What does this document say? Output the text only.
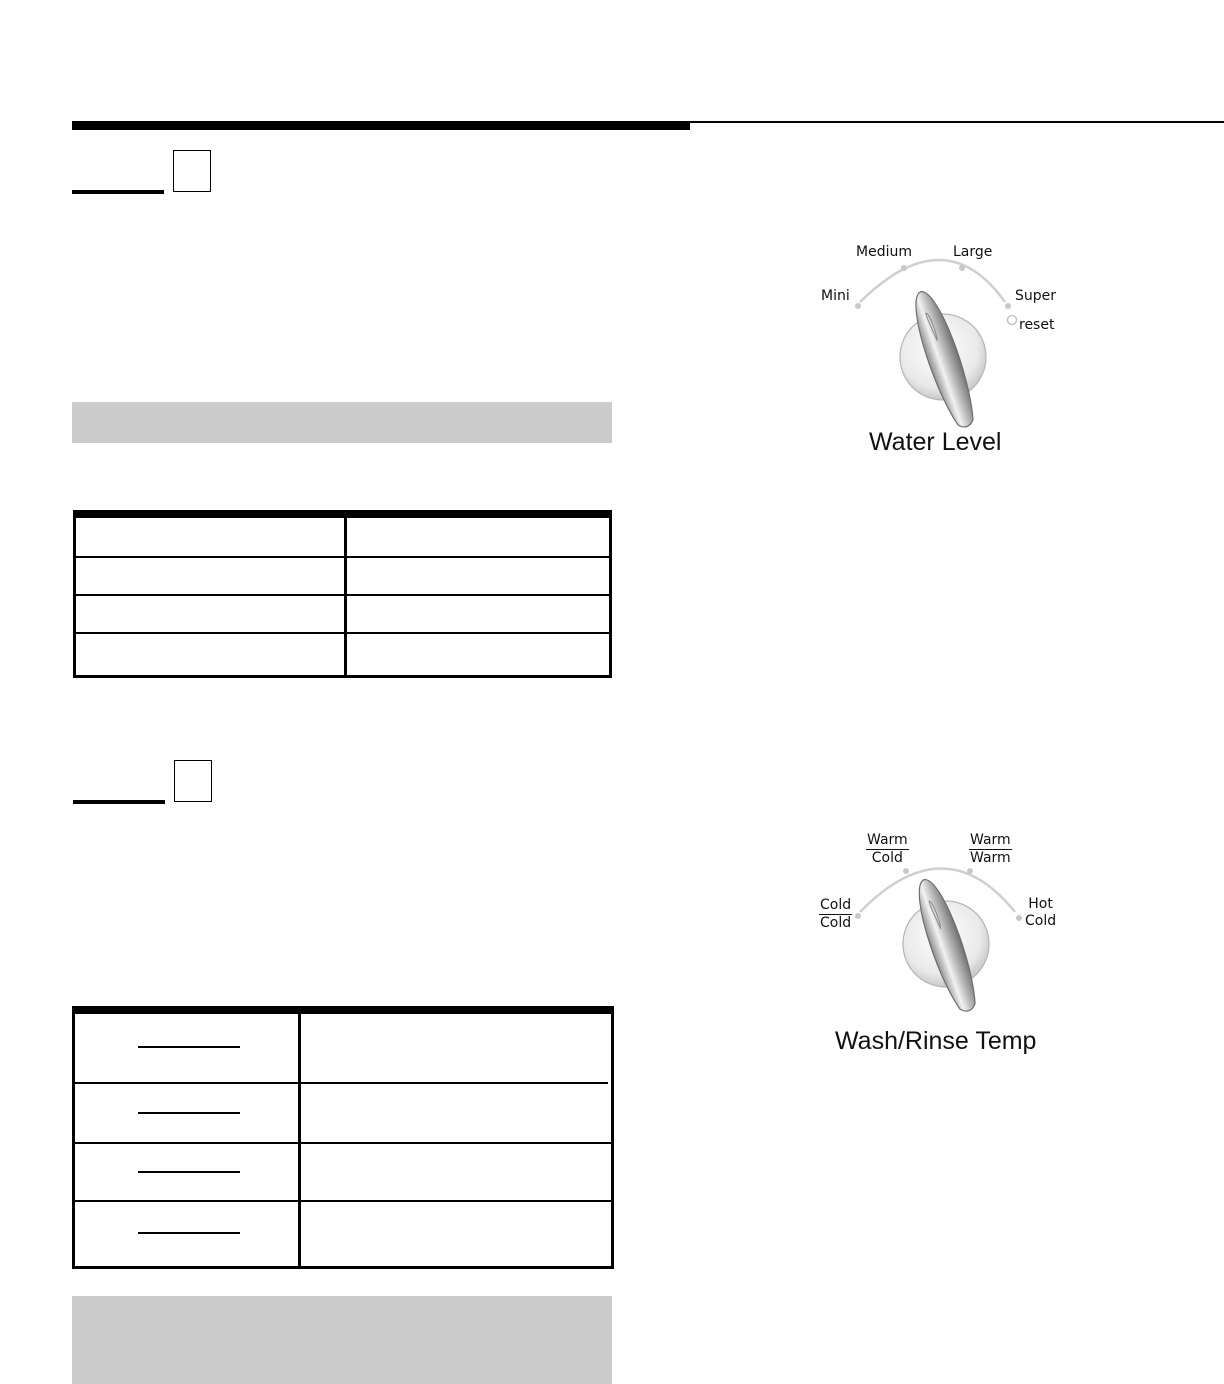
Mini
Medium	Large
Super
reset
Water Level
Cold
Cold
Warm
Cold
Warm
Warm
Hot
Cold
Wash/Rinse Temp
